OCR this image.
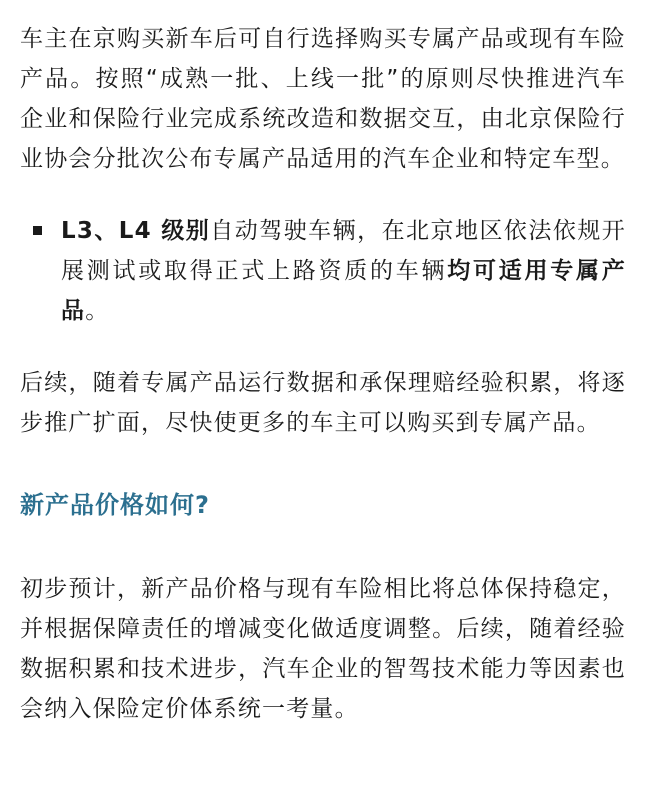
车主在京购买新车后可自行选择购买专属产品或现有车险产品。按照“成熟一批、上线一批”的原则尽快推进汽车企业和保险行业完成系统改造和数据交互，由北京保险行业协会分批次公布专属产品适用的汽车企业和特定车型。

L3、L4 级别自动驾驶车辆，在北京地区依法依规开展测试或取得正式上路资质的车辆均可适用专属产品。

后续，随着专属产品运行数据和承保理赔经验积累，将逐步推广扩面，尽快使更多的车主可以购买到专属产品。

新产品价格如何?

初步预计，新产品价格与现有车险相比将总体保持稳定，并根据保障责任的增减变化做适度调整。后续，随着经验数据积累和技术进步，汽车企业的智驾技术能力等因素也会纳入保险定价体系统一考量。
